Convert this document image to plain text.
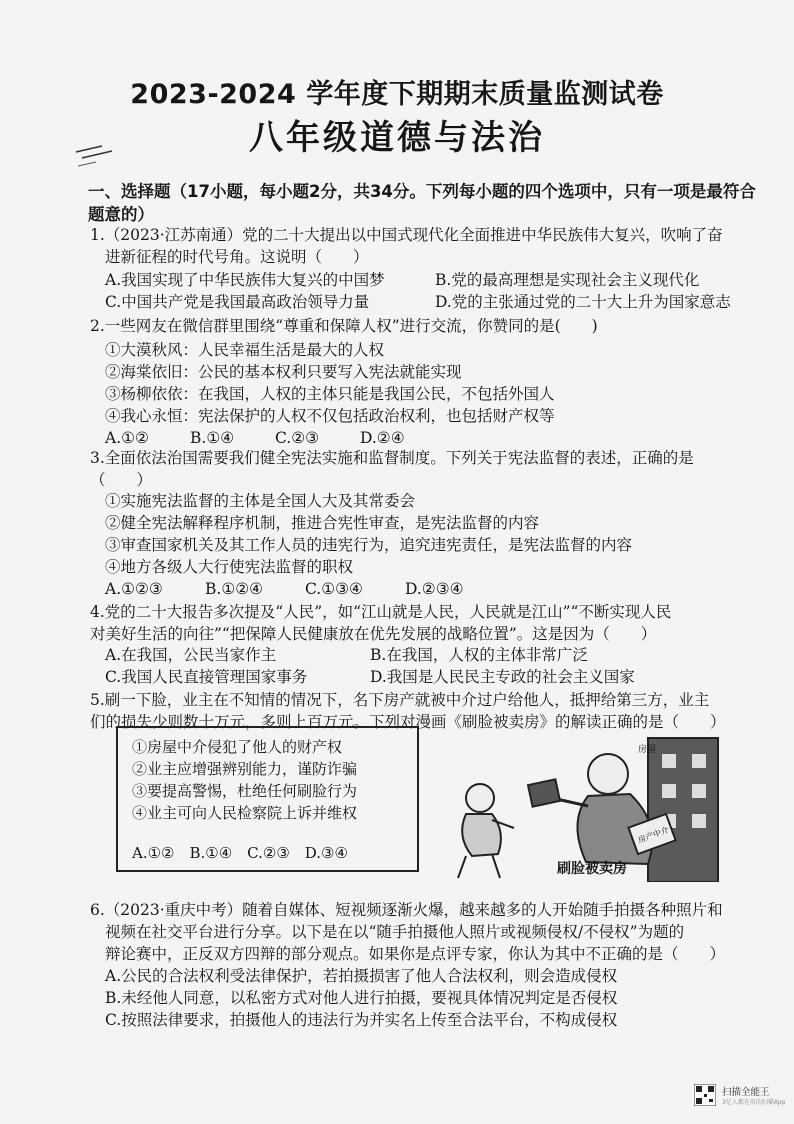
2023-2024 学年度下期期末质量监测试卷
八年级道德与法治
一、选择题（17小题，每小题2分，共34分。下列每小题的四个选项中，只有一项是最符合题意的）
1.（2023·江苏南通）党的二十大提出以中国式现代化全面推进中华民族伟大复兴，吹响了奋
进新征程的时代号角。这说明（　　）
A.我国实现了中华民族伟大复兴的中国梦	B.党的最高理想是实现社会主义现代化
C.中国共产党是我国最高政治领导力量	D.党的主张通过党的二十大上升为国家意志
2.一些网友在微信群里围绕“尊重和保障人权”进行交流，你赞同的是(　　)
①大漠秋风：人民幸福生活是最大的人权
②海棠依旧：公民的基本权利只要写入宪法就能实现
③杨柳依依：在我国，人权的主体只能是我国公民，不包括外国人
④我心永恒：宪法保护的人权不仅包括政治权利，也包括财产权等
A.①②	B.①④	C.②③	D.②④
3.全面依法治国需要我们健全宪法实施和监督制度。下列关于宪法监督的表述，正确的是
（　　）
①实施宪法监督的主体是全国人大及其常委会
②健全宪法解释程序机制，推进合宪性审查，是宪法监督的内容
③审查国家机关及其工作人员的违宪行为，追究违宪责任，是宪法监督的内容
④地方各级人大行使宪法监督的职权
A.①②③	B.①②④	C.①③④	D.②③④
4.党的二十大报告多次提及“人民”，如“江山就是人民，人民就是江山”“不断实现人民
对美好生活的向往”“把保障人民健康放在优先发展的战略位置”。这是因为（　　）
A.在我国，公民当家作主	B.在我国，人权的主体非常广泛
C.我国人民直接管理国家事务	D.我国是人民民主专政的社会主义国家
5.刷一下脸，业主在不知情的情况下，名下房产就被中介过户给他人，抵押给第三方，业主
们的损失少则数十万元，多则上百万元。下列对漫画《刷脸被卖房》的解读正确的是（　　）
①房屋中介侵犯了他人的财产权
②业主应增强辨别能力，谨防诈骗
③要提高警惕，杜绝任何刷脸行为
④业主可向人民检察院上诉并维权
A.①②　B.①④　C.②③　D.③④
房屋
房产中介
刷脸被卖房
6.（2023·重庆中考）随着自媒体、短视频逐渐火爆，越来越多的人开始随手拍摄各种照片和
视频在社交平台进行分享。以下是在以“随手拍摄他人照片或视频侵权/不侵权”为题的
辩论赛中，正反双方四辩的部分观点。如果你是点评专家，你认为其中不正确的是（　　）
A.公民的合法权利受法律保护，若拍摄损害了他人合法权利，则会造成侵权
B.未经他人同意，以私密方式对他人进行拍摄，要视具体情况判定是否侵权
C.按照法律要求，拍摄他人的违法行为并实名上传至合法平台，不构成侵权
扫描全能王
3亿人都在用的扫描App
